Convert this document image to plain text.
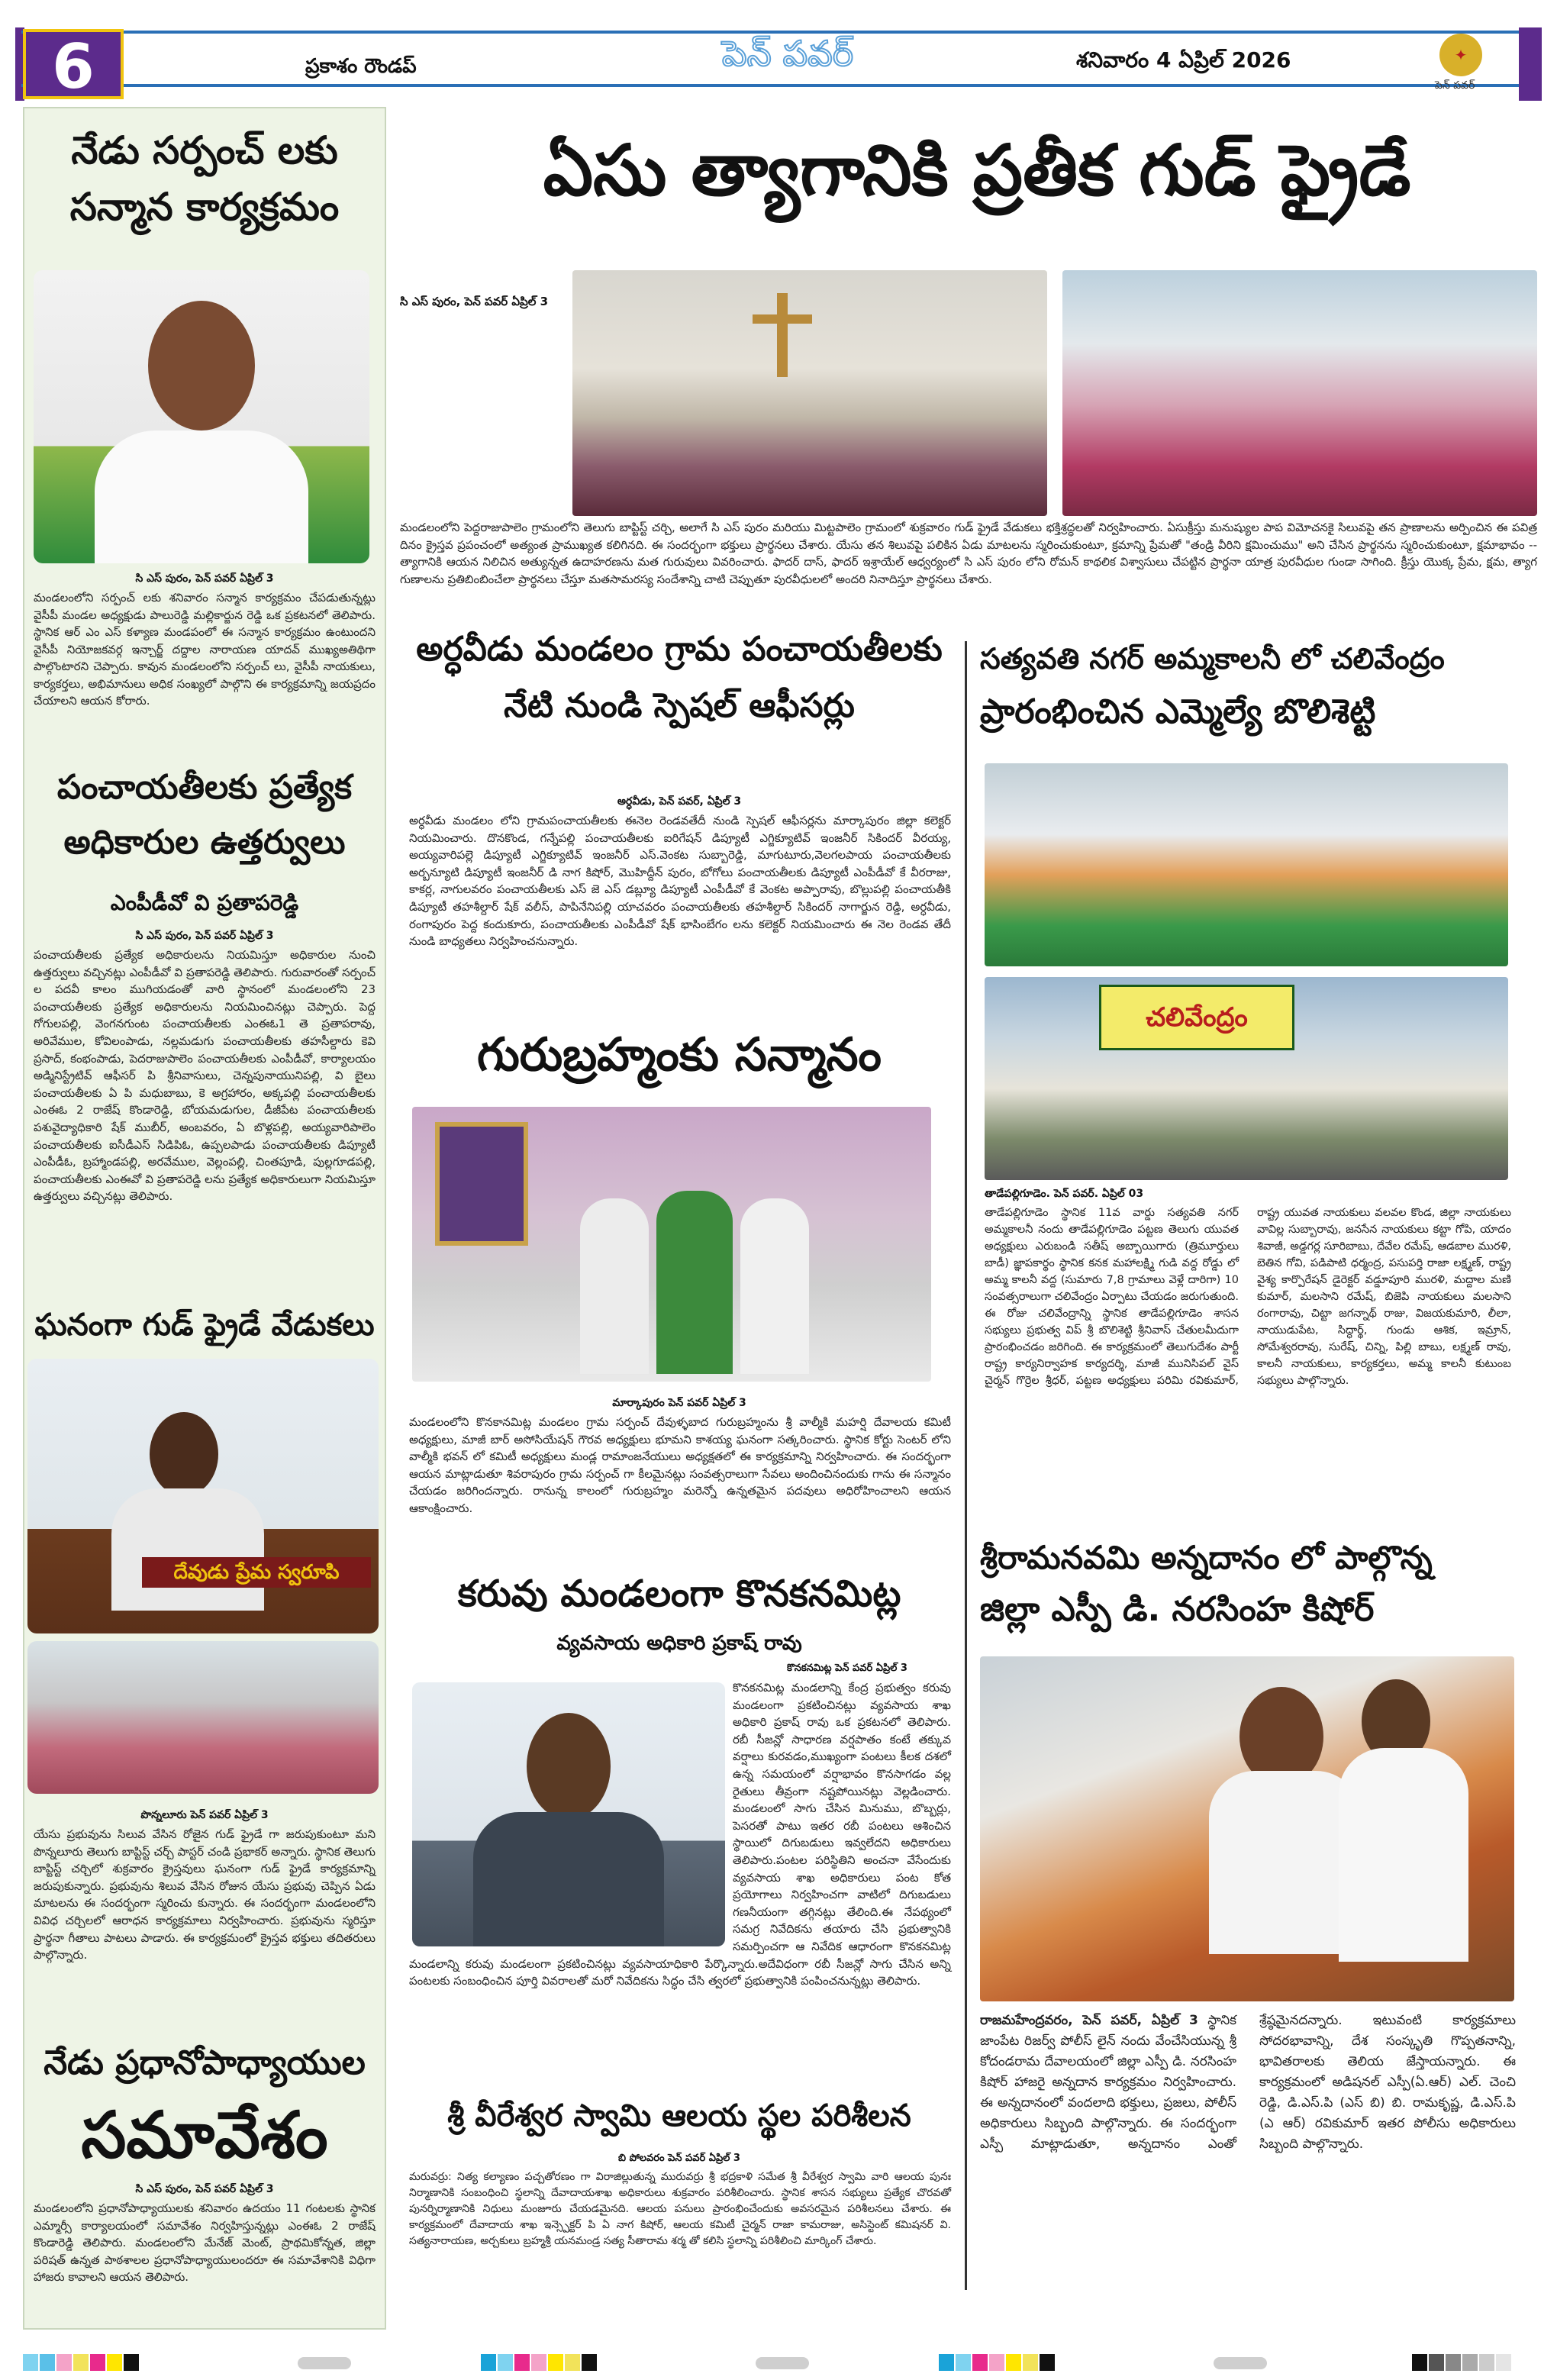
6	ప్రకాశం రౌండప్	పెన్ పవర్	శనివారం 4 ఏప్రిల్ 2026	✦
పెన్ పవర్
నేడు సర్పంచ్ లకు సన్మాన కార్యక్రమం
సి ఎస్ పురం, పెన్ పవర్ ఏప్రిల్ 3
మండలంలోని సర్పంచ్ లకు శనివారం సన్మాన కార్యక్రమం చేపడుతున్నట్లు వైసీపీ మండల అధ్యక్షుడు పాలురెడ్డి మల్లికార్జున రెడ్డి ఒక ప్రకటనలో తెలిపారు. స్థానిక ఆర్ ఎం ఎస్ కళ్యాణ మండపంలో ఈ సన్మాన కార్యక్రమం ఉంటుందని వైసీపీ నియోజకవర్గ ఇన్చార్జ్ దద్దాల నారాయణ యాదవ్ ముఖ్యఅతిథిగా పాల్గొంటారని చెప్పారు. కావున మండలంలోని సర్పంచ్ లు, వైసీపీ నాయకులు, కార్యకర్తలు, అభిమానులు అధిక సంఖ్యలో పాల్గొని ఈ కార్యక్రమాన్ని జయప్రదం చేయాలని ఆయన కోరారు.
పంచాయతీలకు ప్రత్యేక అధికారుల ఉత్తర్వులు
ఎంపీడీవో వి ప్రతాపరెడ్డి
సి ఎస్ పురం, పెన్ పవర్ ఏప్రిల్ 3
పంచాయతీలకు ప్రత్యేక అధికారులను నియమిస్తూ అధికారుల నుంచి ఉత్తర్వులు వచ్చినట్లు ఎంపీడీవో వి ప్రతాపరెడ్డి తెలిపారు. గురువారంతో సర్పంచ్ ల పదవీ కాలం ముగియడంతో వారి స్థానంలో మండలంలోని 23 పంచాయతీలకు ప్రత్యేక అధికారులను నియమించినట్లు చెప్పారు. పెద్ద గోగులపల్లి, వెంగనగుంట పంచాయతీలకు ఎంఈఓ1 తె ప్రతాపరావు, అరివేముల, కోవిలంపాడు, నల్లమడుగు పంచాయతీలకు తహసీల్దారు కెవి ప్రసాద్, కంభంపాడు, పెదరాజుపాలెం పంచాయతీలకు ఎంపీడీవో, కార్యాలయం అడ్మినిస్ట్రేటివ్ ఆఫీసర్ పి శ్రీనివాసులు, చెన్నపునాయునిపల్లి, వి బైలు పంచాయతీలకు ఏ పి మధుబాబు, కె అగ్రహారం, అక్కపల్లి పంచాయతీలకు ఎంఈఓ 2 రాజేష్ కొండారెడ్డి, బోయమడుగుల, డీజీపేట పంచాయతీలకు పశువైద్యాధికారి షేక్ ముబీర్, అంబవరం, ఏ బొళ్లపల్లి, అయ్యవారిపాలెం పంచాయతీలకు ఐసీడీఎస్ సిడిపిఓ, ఉప్పలపాడు పంచాయతీలకు డిప్యూటీ ఎంపీడీఓ, బ్రహ్మాండపల్లి, అరవేముల, వెల్లంపల్లి, చింతపూడి, పుల్లగూడపల్లి, పంచాయతీలకు ఎంఈవో వి ప్రతాపరెడ్డి లను ప్రత్యేక అధికారులుగా నియమిస్తూ ఉత్తర్వులు వచ్చినట్లు తెలిపారు.
ఘనంగా గుడ్ ఫ్రైడే వేడుకలు
దేవుడు ప్రేమ స్వరూపి
పొన్నలూరు పెన్ పవర్ ఏప్రిల్ 3
యేసు ప్రభువును సిలువ వేసిన రోజైన గుడ్ ఫ్రైడే గా జరుపుకుంటూ మని పొన్నలూరు తెలుగు బాప్టిస్ట్ చర్చ్ పాస్టర్ చండి ప్రభాకర్ అన్నారు. స్థానిక తెలుగు బాప్టిస్ట్ చర్చిలో శుక్రవారం క్రైస్తవులు ఘనంగా గుడ్ ఫ్రైడే కార్యక్రమాన్ని జరుపుకున్నారు. ప్రభువును శిలువ వేసిన రోజున యేసు ప్రభువు చెప్పిన ఏడు మాటలను ఈ సందర్భంగా స్మరించు కున్నారు. ఈ సందర్భంగా మండలంలోని వివిధ చర్చిలలో ఆరాధన కార్యక్రమాలు నిర్వహించారు. ప్రభువును స్మరిస్తూ ప్రార్థనా గీతాలు పాటలు పాడారు. ఈ కార్యక్రమంలో క్రైస్తవ భక్తులు తదితరులు పాల్గొన్నారు.
నేడు ప్రధానోపాధ్యాయుల
సమావేశం
సి ఎస్ పురం, పెన్ పవర్ ఏప్రిల్ 3
మండలంలోని ప్రధానోపాధ్యాయులకు శనివారం ఉదయం 11 గంటలకు స్థానిక ఎమ్మార్సీ కార్యాలయంలో సమావేశం నిర్వహిస్తున్నట్లు ఎంఈఓ 2 రాజేష్ కొండారెడ్డి తెలిపారు. మండలంలోని మేనేజ్ మెంట్, ప్రాథమికోన్నత, జిల్లా పరిషత్ ఉన్నత పాఠశాలల ప్రధానోపాధ్యాయులందరూ ఈ సమావేశానికి విధిగా హాజరు కావాలని ఆయన తెలిపారు.
ఏసు త్యాగానికి ప్రతీక గుడ్ ఫ్రైడే
సి ఎస్ పురం, పెన్ పవర్ ఏప్రిల్ 3
మండలంలోని పెద్దరాజుపాలెం గ్రామంలోని తెలుగు బాప్టిస్ట్ చర్చి, అలాగే సి ఎస్ పురం మరియు మిట్టపాలెం గ్రామంలో శుక్రవారం గుడ్ ఫ్రైడే వేడుకలు భక్తిశ్రద్ధలతో నిర్వహించారు. ఏసుక్రీస్తు మనుష్యుల పాప విమోచనకై సిలువపై తన ప్రాణాలను అర్పించిన ఈ పవిత్ర దినం క్రైస్తవ ప్రపంచంలో అత్యంత ప్రాముఖ్యత కలిగినది. ఈ సందర్భంగా భక్తులు ప్రార్థనలు చేశారు. యేసు తన శిలువపై పలికిన ఏడు మాటలను స్మరించుకుంటూ, క్రమాన్ని ప్రేమతో "తండ్రి వీరిని క్షమించుము" అని చేసిన ప్రార్థనను స్మరించుకుంటూ, క్షమాభావం -- త్యాగానికి ఆయన నిలిచిన అత్యున్నత ఉదాహరణను మత గురువులు వివరించారు. ఫాదర్ దాస్, ఫాదర్ ఇశ్రాయేల్ ఆధ్వర్యంలో సి ఎస్ పురం లోని రోమన్ కాథలిక విశ్వాసులు చేపట్టిన ప్రార్థనా యాత్ర పురవీధుల గుండా సాగింది. క్రీస్తు యొక్క ప్రేమ, క్షమ, త్యాగ గుణాలను ప్రతిబింబించేలా ప్రార్థనలు చేస్తూ మతసామరస్య సందేశాన్ని చాటి చెప్పుతూ పురవీధులలో అందరి నినాదిస్తూ ప్రార్థనలు చేశారు.
అర్ధవీడు మండలం గ్రామ పంచాయతీలకు నేటి నుండి స్పెషల్ ఆఫీసర్లు
అర్ధవీడు, పెన్ పవర్, ఏప్రిల్ 3
అర్ధవీడు మండలం లోని గ్రామపంచాయతీలకు ఈనెల రెండవతేదీ నుండి స్పెషల్ ఆఫీసర్లను మార్కాపురం జిల్లా కలెక్టర్ నియమించారు. దొనకొండ, గన్నేపల్లి పంచాయతీలకు ఐరిగేషన్ డిప్యూటీ ఎగ్జిక్యూటివ్ ఇంజనీర్ సికిందర్ వీరయ్య, అయ్యవారిపల్లె డిప్యూటీ ఎగ్జిక్యూటివ్ ఇంజనీర్ ఎస్.వెంకట సుబ్బారెడ్డి, మాగుటూరు,వెలగలపాయ పంచాయతీలకు అర్బన్యూటి డిప్యూటీ ఇంజనీర్ డి నాగ కిషోర్, మొహిద్దీన్ పురం, బోగోలు పంచాయతీలకు డిప్యూటీ ఎంపీడీవో కే వీరరాజు, కాకర్ల, నాగులవరం పంచాయతీలకు ఎస్ జె ఎస్ డబ్ల్యూ డిప్యూటీ ఎంపీడీవో కే వెంకట అప్పారావు, బొల్లుపల్లి పంచాయతీకి డిప్యూటీ తహశీల్దార్ షేక్ వలీస్, పాపినేనిపల్లి యాచవరం పంచాయతీలకు తహశీల్దార్ సికిందర్ నాగార్జున రెడ్డి, అర్ధవీడు, రంగాపురం పెద్ద కందుకూరు, పంచాయతీలకు ఎంపీడీవో షేక్ భాసింబేగం లను కలెక్టర్ నియమించారు ఈ నెల రెండవ తేదీ నుండి బాధ్యతలు నిర్వహించనున్నారు.
గురుబ్రహ్మంకు సన్మానం
మార్కాపురం పెన్ పవర్ ఏప్రిల్ 3
మండలంలోని కొనకానమిట్ల మండలం గ్రామ సర్పంచ్ దేవుళ్ళబాద గురుబ్రహ్మంను శ్రీ వాల్మీకి మహర్షి దేవాలయ కమిటీ అధ్యక్షులు, మాజీ బార్ అసోసియేషన్ గౌరవ అధ్యక్షులు భూమని కాశయ్య ఘనంగా సత్కరించారు. స్థానిక కోర్టు సెంటర్ లోని వాల్మీకి భవన్ లో కమిటీ అధ్యక్షులు మండ్ల రామాంజనేయులు అధ్యక్షతలో ఈ కార్యక్రమాన్ని నిర్వహించారు. ఈ సందర్భంగా ఆయన మాట్లాడుతూ శివరాపురం గ్రామ సర్పంచ్ గా కీలమైనట్లు సంవత్సరాలుగా సేవలు అందించినందుకు గాను ఈ సన్మానం చేయడం జరిగిందన్నారు. రానున్న కాలంలో గురుబ్రహ్మం మరెన్నో ఉన్నతమైన పదవులు అధిరోహించాలని ఆయన ఆకాంక్షించారు.
కరువు మండలంగా కొనకనమిట్ల
వ్యవసాయ అధికారి ప్రకాష్ రావు
కొనకనమిట్ల పెన్ పవర్ ఏప్రిల్ 3
కొనకనమిట్ల మండలాన్ని కేంద్ర ప్రభుత్వం కరువు మండలంగా ప్రకటించినట్లు వ్యవసాయ శాఖ అధికారి ప్రకాష్ రావు ఒక ప్రకటనలో తెలిపారు. రబీ సీజన్లో సాధారణ వర్షపాతం కంటే తక్కువ వర్షాలు కురవడం,ముఖ్యంగా పంటలు కీలక దశలో ఉన్న సమయంలో వర్షాభావం కొనసాగడం వల్ల రైతులు తీవ్రంగా నష్టపోయినట్లు వెల్లడించారు. మండలంలో సాగు చేసిన మినుము, బొబ్బర్లు, పెసరతో పాటు ఇతర రబీ పంటలు ఆశించిన స్థాయిలో దిగుబడులు ఇవ్వలేదని అధికారులు తెలిపారు.పంటల పరిస్థితిని అంచనా వేసేందుకు వ్యవసాయ శాఖ అధికారులు పంట కోత ప్రయోగాలు నిర్వహించగా వాటిలో దిగుబడులు గణనీయంగా తగ్గినట్లు తేలింది.ఈ నేపథ్యంలో సమగ్ర నివేదికను తయారు చేసి ప్రభుత్వానికి సమర్పించగా ఆ నివేదిక ఆధారంగా కొనకనమిట్ల మండలాన్ని కరువు మండలంగా ప్రకటించినట్లు వ్యవసాయాధికారి పేర్కొన్నారు.అదేవిధంగా రబీ సీజన్లో సాగు చేసిన అన్ని పంటలకు సంబంధించిన పూర్తి వివరాలతో మరో నివేదికను సిద్ధం చేసి త్వరలో ప్రభుత్వానికి పంపించనున్నట్లు తెలిపారు.
శ్రీ వీరేశ్వర స్వామి ఆలయ స్థల పరిశీలన
బి పోలవరం పెన్ పవర్ ఏప్రిల్ 3
మరువర్రు: నిత్య కల్యాణం పచ్చతోరణం గా విరాజిల్లుతున్న మురువర్రు శ్రీ భద్రకాళి సమేత శ్రీ వీరేశ్వర స్వామి వారి ఆలయ పునః నిర్మాణానికి సంబంధించి స్థలాన్ని దేవాదాయశాఖ అధికారులు శుక్రవారం పరిశీలించారు. స్థానిక శాసన సభ్యులు ప్రత్యేక చొరవతో పునర్నిర్మాణానికి నిధులు మంజూరు చేయడమైనది. ఆలయ పనులు ప్రారంభించేందుకు అవసరమైన పరిశీలనలు చేశారు. ఈ కార్యక్రమంలో దేవాదాయ శాఖ ఇన్స్పెక్టర్ పి ఏ నాగ కిషోర్, ఆలయ కమిటీ చైర్మన్ రాజా కామరాజు, అసిస్టెంట్ కమిషనర్ వి. సత్యనారాయణ, అర్చకులు బ్రహ్మశ్రీ యనమండ్ర సత్య సీతారామ శర్మ తో కలిసి స్థలాన్ని పరిశీలించి మార్కింగ్ చేశారు.
సత్యవతి నగర్ అమ్మకాలనీ లో చలివేంద్రం
ప్రారంభించిన ఎమ్మెల్యే బొలిశెట్టి
చలివేంద్రం
తాడేపల్లిగూడెం. పెన్ పవర్. ఏప్రిల్ 03
తాడేపల్లిగూడెం స్థానిక 11వ వార్డు సత్యవతి నగర్ అమ్మకాలనీ నందు తాడేపల్లిగూడెం పట్టణ తెలుగు యువత అధ్యక్షులు ఎరుబండి సతీష్ అబ్బాయిగారు (త్రిమూర్తులు బాడీ) జ్ఞాపకార్థం స్థానిక కనక మహాలక్ష్మి గుడి వద్ద రోడ్డు లో అమ్మ కాలనీ వద్ద (సుమారు 7,8 గ్రామాలు వెళ్లే దారిగా) 10 సంవత్సరాలుగా చలివేంద్రం ఏర్పాటు చేయడం జరుగుతుంది. ఈ రోజు చలివేంద్రాన్ని స్థానిక తాడేపల్లిగూడెం శాసన సభ్యులు ప్రభుత్వ విప్ శ్రీ బొలిశెట్టి శ్రీనివాస్ చేతులమీదుగా ప్రారంభించడం జరిగింది. ఈ కార్యక్రమంలో తెలుగుదేశం పార్టీ రాష్ట్ర కార్యనిర్వాహక కార్యదర్శి, మాజీ మునిసిపల్ వైస్ చైర్మన్ గొర్రెల శ్రీధర్, పట్టణ అధ్యక్షులు పరిమి రవికుమార్, రాష్ట్ర యువత నాయకులు వలవల కొండ, జిల్లా నాయకులు వావిల్ల సుబ్బారావు, జనసేన నాయకులు కట్టా గోపి, యాదం శివాజీ, అడ్డగర్ల సూరిబాబు, దేవేల రమేష్, ఆడబాల మురళి, బెతిన గోవి, పడిపాటి ధర్మంద్ర, పసుపర్తి రాజా లక్ష్మణ్, రాష్ట్ర వైశ్య కార్పొరేషన్ డైరెక్టర్ వడ్డూపూరి మురళి, మద్దాల మణి కుమార్, మలసాని రమేష్, బిజెపి నాయకులు మలసాని రంగారావు, చిట్టా జగన్నాథ్ రాజు, విజయకుమారి, లీలా, నాయుడుపేట, సిద్ధార్థ్, గుండు ఆశిక, ఇమ్రాన్, సోమేశ్వరరావు, సురేష్, చిన్ని, పిల్లి బాబు, లక్ష్మణ్ రావు, కాలనీ నాయకులు, కార్యకర్తలు, అమ్మ కాలనీ కుటుంబ సభ్యులు పాల్గొన్నారు.
శ్రీరామనవమి అన్నదానం లో పాల్గొన్న
జిల్లా ఎస్పీ డి. నరసింహ కిషోర్
రాజమహేంద్రవరం, పెన్ పవర్, ఏప్రిల్ 3 స్థానిక జాంపేట రిజర్వ్ పోలీస్ లైన్ నందు వేంచేసియున్న శ్రీ కోదండరామ దేవాలయంలో జిల్లా ఎస్పీ డి. నరసింహ కిషోర్ హాజరై అన్నదాన కార్యక్రమం నిర్వహించారు. ఈ అన్నదానంలో వందలాది భక్తులు, ప్రజలు, పోలీస్ అధికారులు సిబ్బంది పాల్గొన్నారు. ఈ సందర్భంగా ఎస్పీ మాట్లాడుతూ, అన్నదానం ఎంతో శ్రేష్ఠమైనదన్నారు. ఇటువంటి కార్యక్రమాలు సోదరభావాన్ని, దేశ సంస్కృతి గొప్పతనాన్ని, భావితరాలకు తెలియ జేస్తాయన్నారు. ఈ కార్యక్రమంలో అడిషనల్ ఎస్పీ(ఏ.ఆర్) ఎల్. చెంచి రెడ్డి, డి.ఎస్.పి (ఎస్ బి) బి. రామకృష్ణ, డి.ఎస్.పి (ఎ ఆర్) రవికుమార్ ఇతర పోలీసు అధికారులు సిబ్బంది పాల్గొన్నారు.
